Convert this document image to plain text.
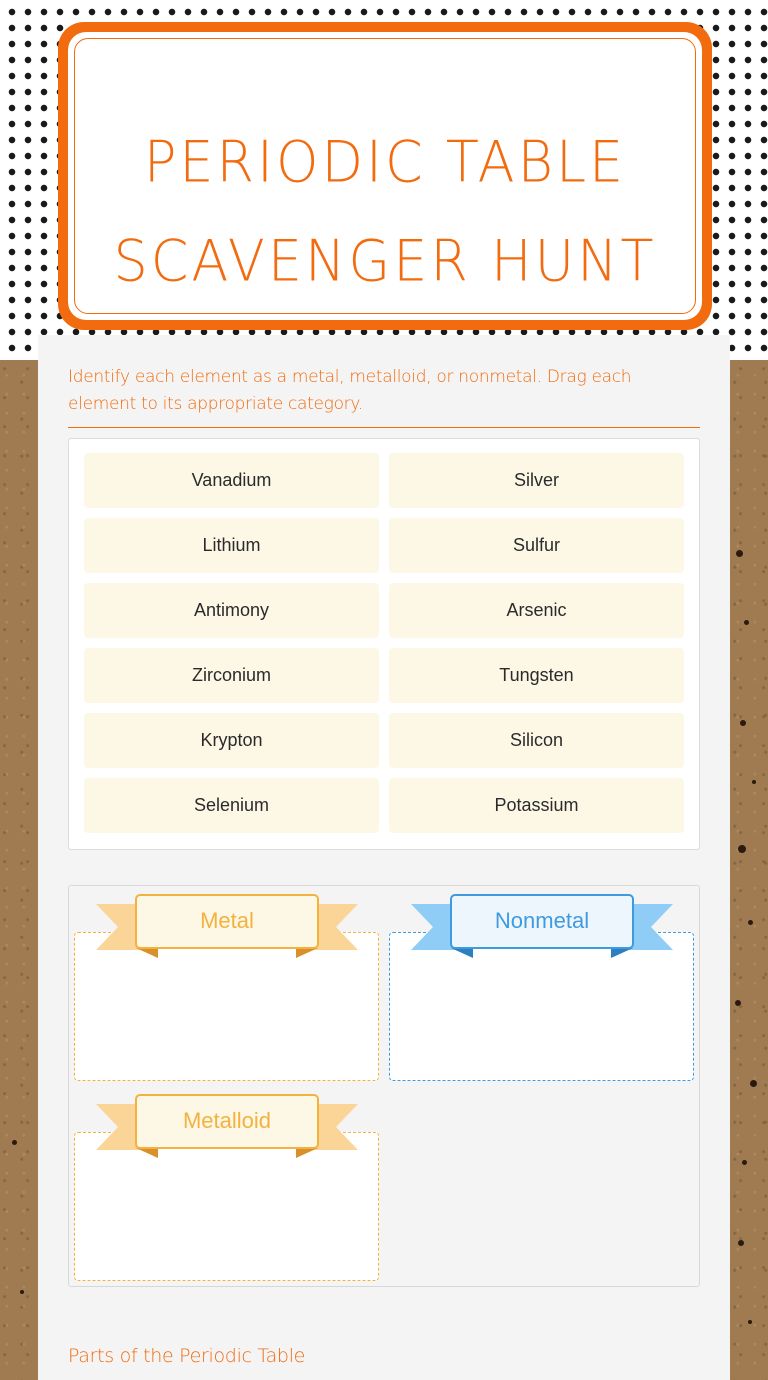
PERIODIC TABLE
SCAVENGER HUNT
Identify each element as a metal, metalloid, or nonmetal. Drag each element to its appropriate category.
Vanadium	Silver
Lithium	Sulfur
Antimony	Arsenic
Zirconium	Tungsten
Krypton	Silicon
Selenium	Potassium
Metal	Nonmetal
Metalloid
Parts of the Periodic Table
